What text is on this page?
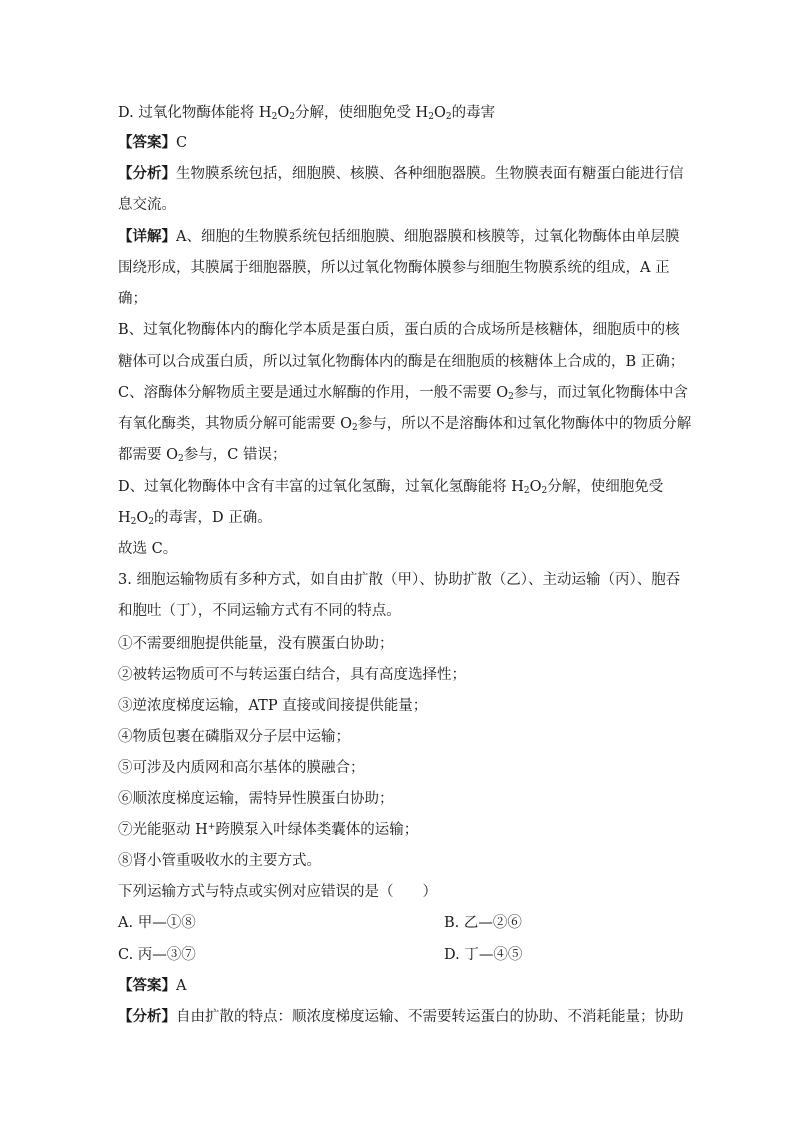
D. 过氧化物酶体能将 $H_2O_2$分解，使细胞免受 $H_2O_2$的毒害
【答案】C
【分析】生物膜系统包括，细胞膜、核膜、各种细胞器膜。生物膜表面有糖蛋白能进行信
息交流。
【详解】A、细胞的生物膜系统包括细胞膜、细胞器膜和核膜等，过氧化物酶体由单层膜
围绕形成，其膜属于细胞器膜，所以过氧化物酶体膜参与细胞生物膜系统的组成，A 正
确；
B、过氧化物酶体内的酶化学本质是蛋白质，蛋白质的合成场所是核糖体，细胞质中的核
糖体可以合成蛋白质，所以过氧化物酶体内的酶是在细胞质的核糖体上合成的，B 正确；
C、溶酶体分解物质主要是通过水解酶的作用，一般不需要 $O_2$参与，而过氧化物酶体中含
有氧化酶类，其物质分解可能需要 $O_2$参与，所以不是溶酶体和过氧化物酶体中的物质分解
都需要 $O_2$参与，C 错误；
D、过氧化物酶体中含有丰富的过氧化氢酶，过氧化氢酶能将 $H_2O_2$分解，使细胞免受
$H_2O_2$的毒害，D 正确。
故选 C。
3. 细胞运输物质有多种方式，如自由扩散（甲）、协助扩散（乙）、主动运输（丙）、胞吞
和胞吐（丁），不同运输方式有不同的特点。
①不需要细胞提供能量，没有膜蛋白协助；
②被转运物质可不与转运蛋白结合，具有高度选择性；
③逆浓度梯度运输，ATP 直接或间接提供能量；
④物质包裹在磷脂双分子层中运输；
⑤可涉及内质网和高尔基体的膜融合；
⑥顺浓度梯度运输，需特异性膜蛋白协助；
⑦光能驱动 H+跨膜泵入叶绿体类囊体的运输；
⑧肾小管重吸收水的主要方式。
下列运输方式与特点或实例对应错误的是（　　）
A. 甲—①⑧	B. 乙—②⑥
C. 丙—③⑦	D. 丁—④⑤
【答案】A
【分析】自由扩散的特点：顺浓度梯度运输、不需要转运蛋白的协助、不消耗能量；协助
